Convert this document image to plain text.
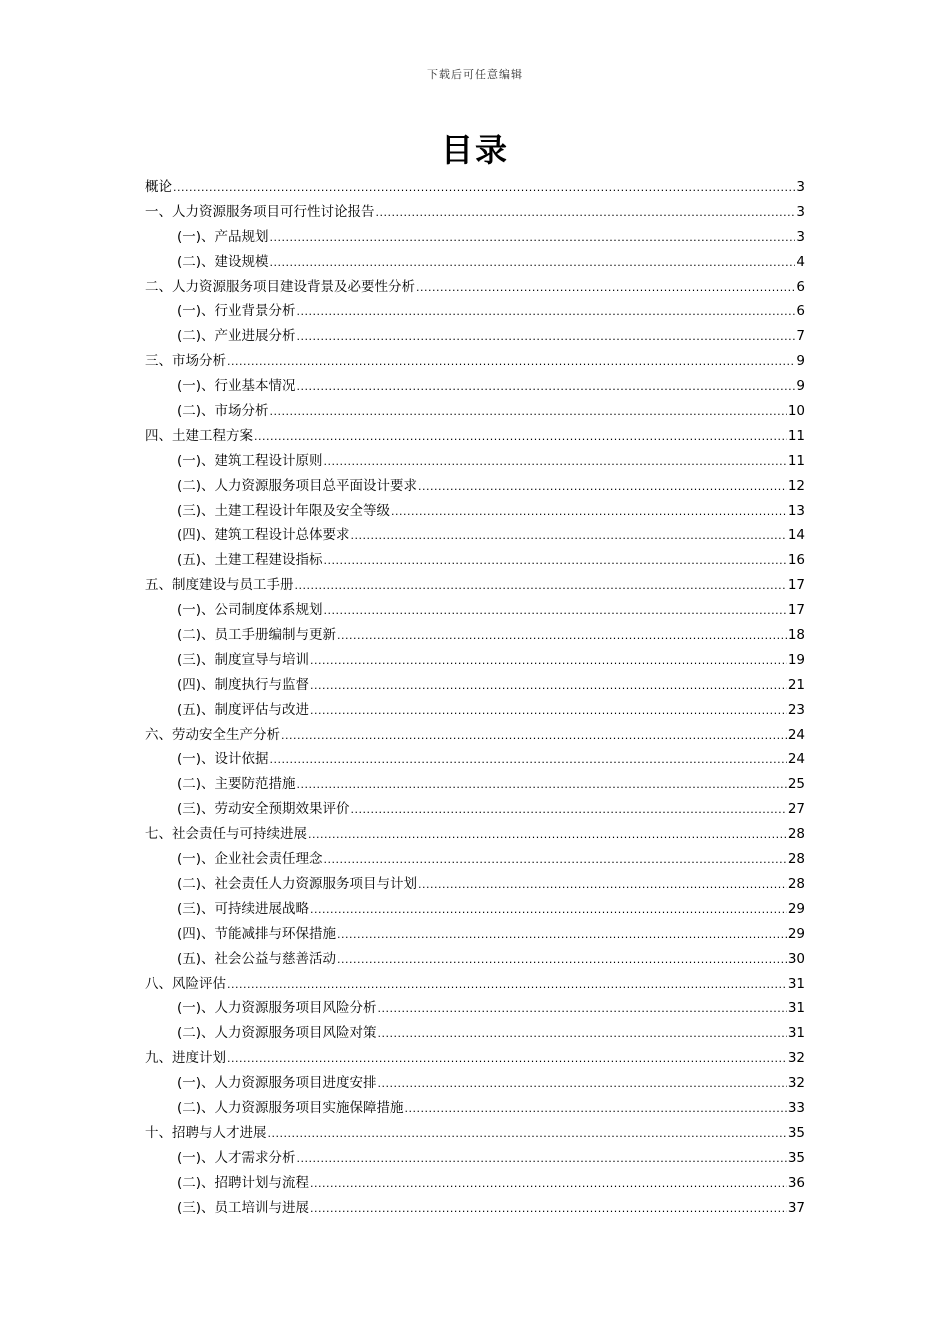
下载后可任意编辑
目录
概论 .....	3
一、人力资源服务项目可行性讨论报告 .....	3
(一)、产品规划 .....	3
(二)、建设规模 .....	4
二、人力资源服务项目建设背景及必要性分析 .....	6
(一)、行业背景分析 .....	6
(二)、产业进展分析 .....	7
三、市场分析 .....	9
(一)、行业基本情况 .....	9
(二)、市场分析 .....	10
四、土建工程方案 .....	11
(一)、建筑工程设计原则 .....	11
(二)、人力资源服务项目总平面设计要求 .....	12
(三)、土建工程设计年限及安全等级 .....	13
(四)、建筑工程设计总体要求 .....	14
(五)、土建工程建设指标 .....	16
五、制度建设与员工手册 .....	17
(一)、公司制度体系规划 .....	17
(二)、员工手册编制与更新 .....	18
(三)、制度宣导与培训 .....	19
(四)、制度执行与监督 .....	21
(五)、制度评估与改进 .....	23
六、劳动安全生产分析 .....	24
(一)、设计依据 .....	24
(二)、主要防范措施 .....	25
(三)、劳动安全预期效果评价 .....	27
七、社会责任与可持续进展 .....	28
(一)、企业社会责任理念 .....	28
(二)、社会责任人力资源服务项目与计划 .....	28
(三)、可持续进展战略 .....	29
(四)、节能减排与环保措施 .....	29
(五)、社会公益与慈善活动 .....	30
八、风险评估 .....	31
(一)、人力资源服务项目风险分析 .....	31
(二)、人力资源服务项目风险对策 .....	31
九、进度计划 .....	32
(一)、人力资源服务项目进度安排 .....	32
(二)、人力资源服务项目实施保障措施 .....	33
十、招聘与人才进展 .....	35
(一)、人才需求分析 .....	35
(二)、招聘计划与流程 .....	36
(三)、员工培训与进展 .....	37
